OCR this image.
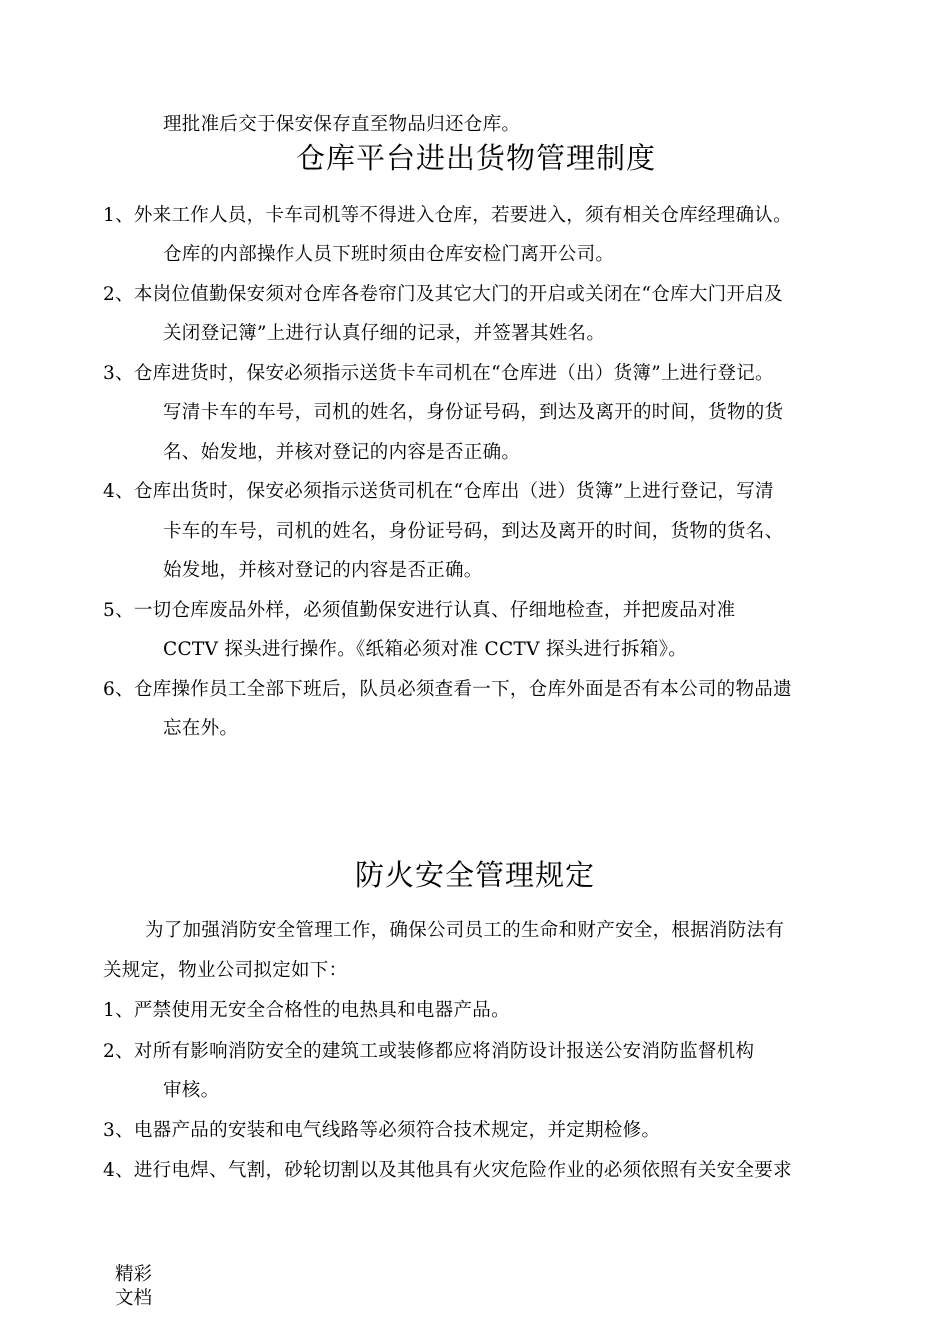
理批准后交于保安保存直至物品归还仓库。
仓库平台进出货物管理制度
1、外来工作人员，卡车司机等不得进入仓库，若要进入，须有相关仓库经理确认。
仓库的内部操作人员下班时须由仓库安检门离开公司。
2、本岗位值勤保安须对仓库各卷帘门及其它大门的开启或关闭在“仓库大门开启及
关闭登记簿”上进行认真仔细的记录，并签署其姓名。
3、仓库进货时，保安必须指示送货卡车司机在“仓库进（出）货簿”上进行登记。
写清卡车的车号，司机的姓名，身份证号码，到达及离开的时间，货物的货
名、始发地，并核对登记的内容是否正确。
4、仓库出货时，保安必须指示送货司机在“仓库出（进）货簿”上进行登记，写清
卡车的车号，司机的姓名，身份证号码，到达及离开的时间，货物的货名、
始发地，并核对登记的内容是否正确。
5、一切仓库废品外样，必须值勤保安进行认真、仔细地检查，并把废品对准
CCTV 探头进行操作。《纸箱必须对准 CCTV 探头进行拆箱》。
6、仓库操作员工全部下班后，队员必须查看一下，仓库外面是否有本公司的物品遗
忘在外。
防火安全管理规定
为了加强消防安全管理工作，确保公司员工的生命和财产安全，根据消防法有
关规定，物业公司拟定如下：
1、严禁使用无安全合格性的电热具和电器产品。
2、对所有影响消防安全的建筑工或装修都应将消防设计报送公安消防监督机构
审核。
3、电器产品的安装和电气线路等必须符合技术规定，并定期检修。
4、进行电焊、气割，砂轮切割以及其他具有火灾危险作业的必须依照有关安全要求
精彩
文档
